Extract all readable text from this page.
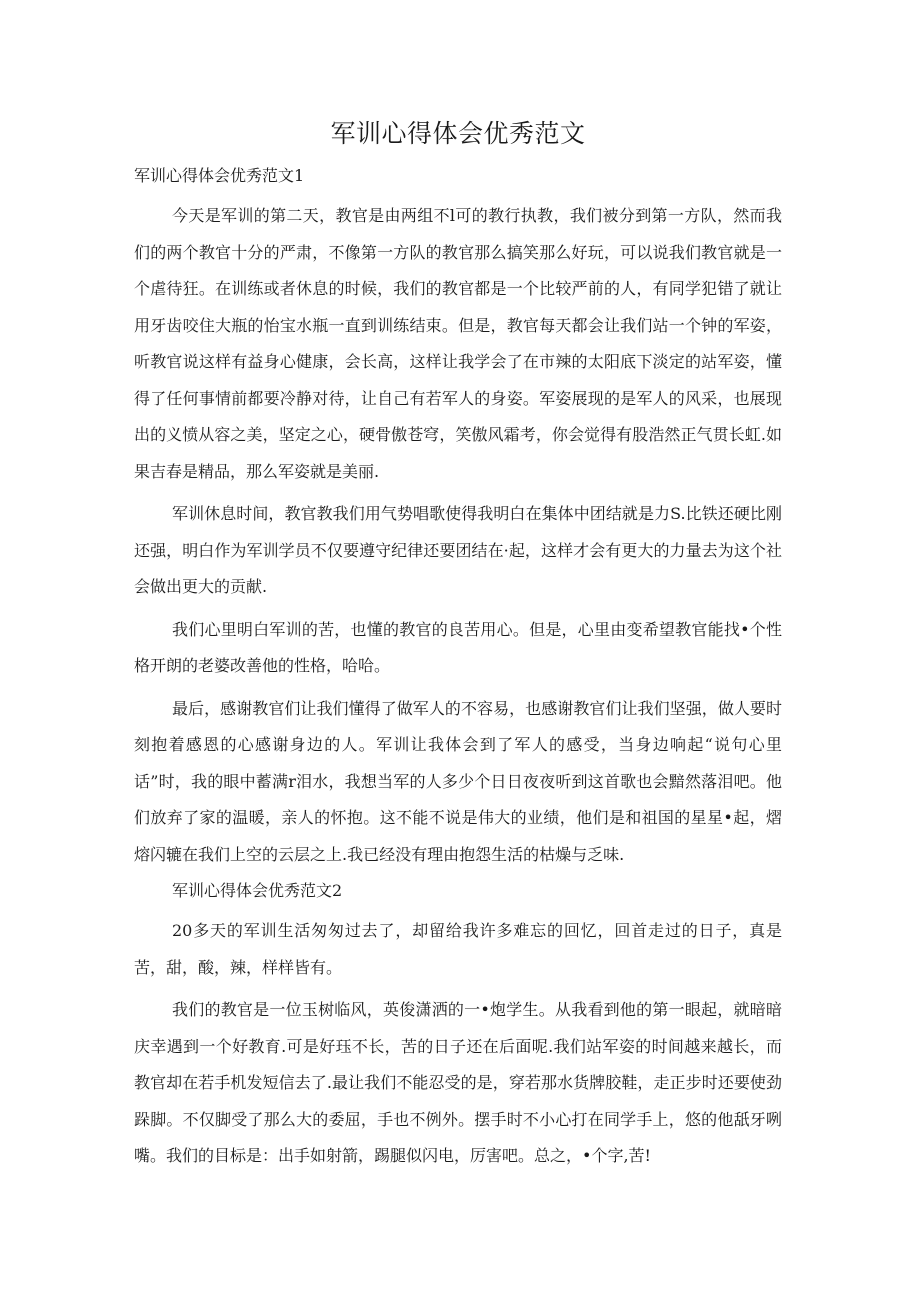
军训心得体会优秀范文
军训心得体会优秀范文1

今天是军训的第二天，教官是由两组不l可的教行执教，我们被分到第一方队，然而我们的两个教官十分的严肃，不像第一方队的教官那么搞笑那么好玩，可以说我们教官就是一个虐待狂。在训练或者休息的时候，我们的教官都是一个比较严前的人，有同学犯错了就让用牙齿咬住大瓶的怡宝水瓶一直到训练结束。但是，教官每天都会让我们站一个钟的军姿，听教官说这样有益身心健康，会长高，这样让我学会了在市辣的太阳底下淡定的站军姿，懂得了任何事情前都要冷静对待，让自己有若军人的身姿。军姿展现的是军人的风采，也展现出的义愤从容之美，坚定之心，硬骨傲苍穹，笑傲风霜考，你会觉得有股浩然正气贯长虹.如果吉春是精品，那么军姿就是美丽.

军训休息时间，教官教我们用气势唱歌使得我明白在集体中团结就是力S.比铁还硬比刚还强，明白作为军训学员不仅要遵守纪律还要团结在·起，这样才会有更大的力量去为这个社会做出更大的贡献.

我们心里明白军训的苦，也懂的教官的良苦用心。但是，心里由变希望教官能找•个性格开朗的老婆改善他的性格，哈哈。

最后，感谢教官们让我们懂得了做军人的不容易，也感谢教官们让我们坚强，做人要时刻抱着感恩的心感谢身边的人。军训让我体会到了军人的感受，当身边响起“说句心里话”时，我的眼中蓄满r泪水，我想当军的人多少个日日夜夜听到这首歌也会黯然落泪吧。他们放弃了家的温暖，亲人的怀抱。这不能不说是伟大的业绩，他们是和祖国的星星•起，熠熔闪辘在我们上空的云层之上.我已经没有理由抱怨生活的枯燥与乏味.

军训心得体会优秀范文2

20多天的军训生活匆匆过去了，却留给我许多难忘的回忆，回首走过的日子，真是苦，甜，酸，辣，样样皆有。

我们的教官是一位玉树临风，英俊潇洒的一•炮学生。从我看到他的第一眼起，就暗暗庆幸遇到一个好教育.可是好珏不长，苦的日子还在后面呢.我们站军姿的时间越来越长，而教官却在若手机发短信去了.最让我们不能忍受的是，穿若那水货牌胶鞋，走正步时还要使劲跺脚。不仅脚受了那么大的委屈，手也不例外。摆手时不小心打在同学手上，悠的他舐牙咧嘴。我们的目标是：出手如射箭，踢腿似闪电，厉害吧。总之，•个字,苦!
